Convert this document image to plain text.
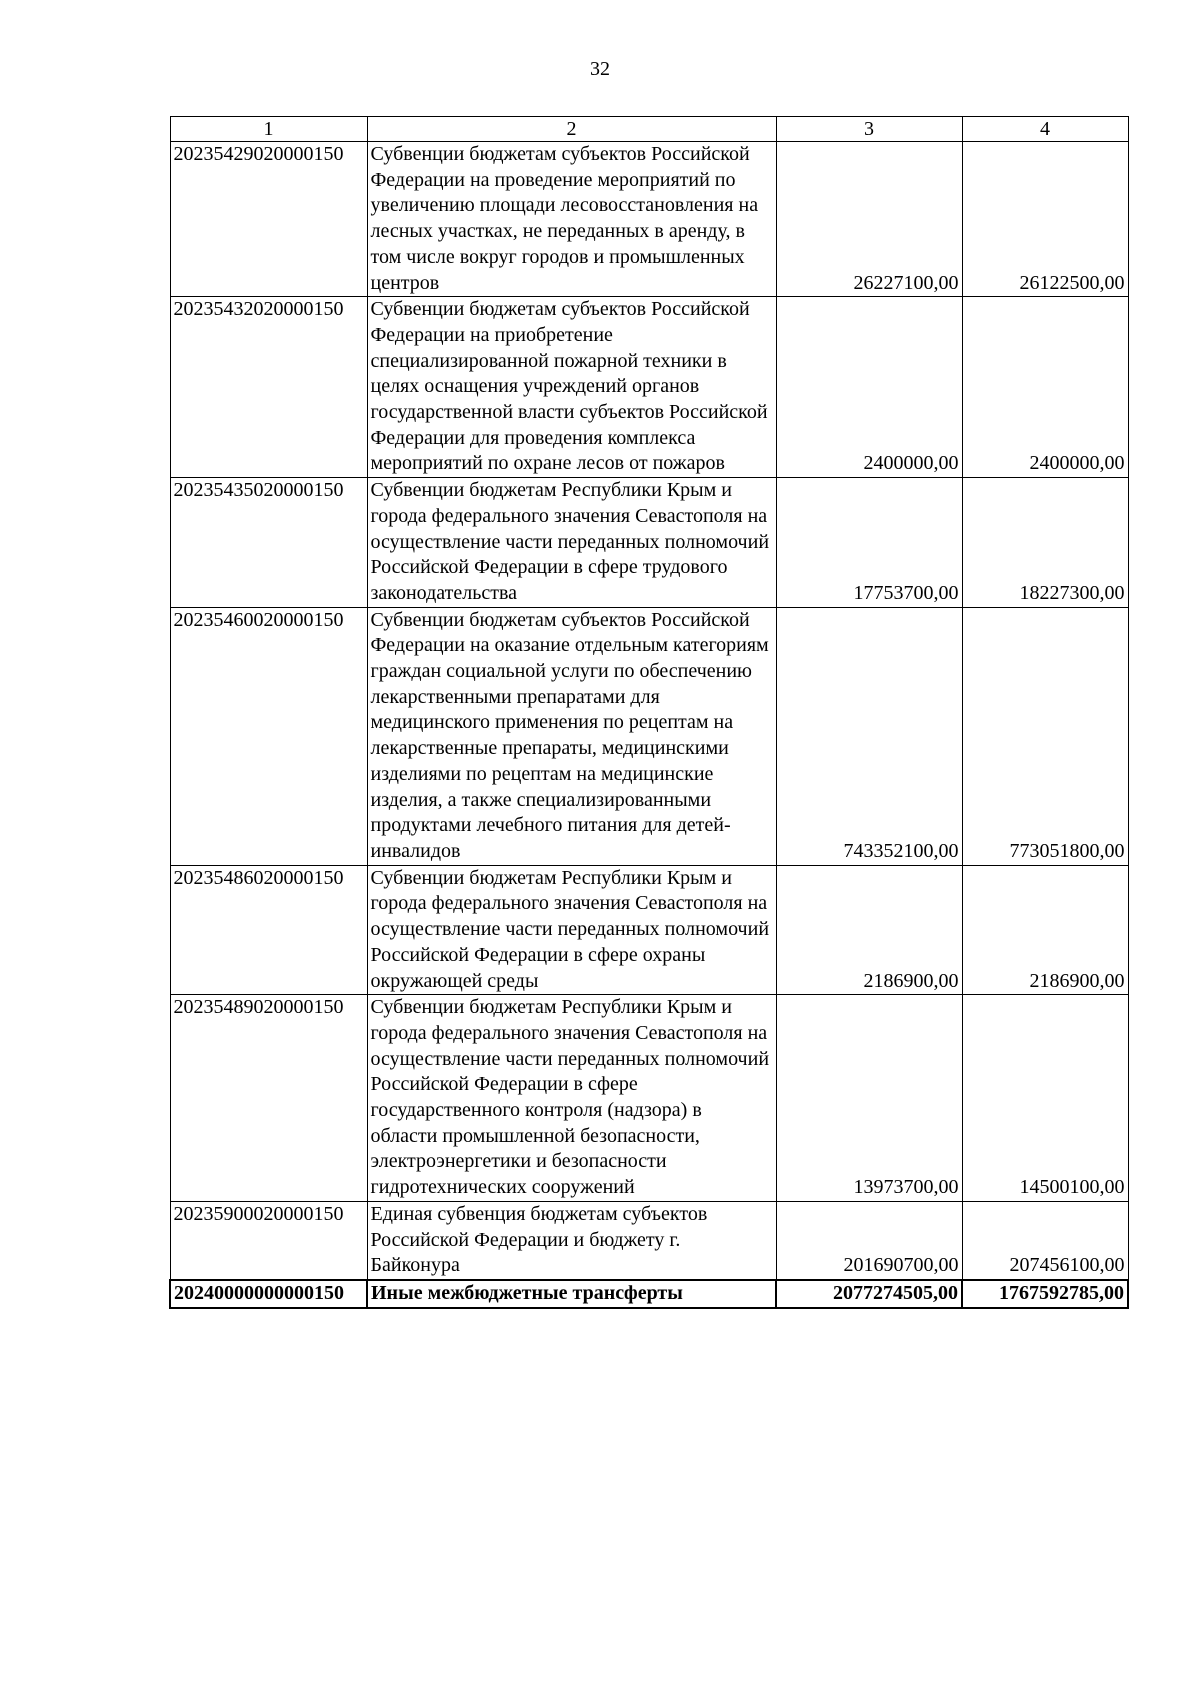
32
1	2	3	4
20235429020000150	Субвенции бюджетам субъектов Российской Федерации на проведение мероприятий по увеличению площади лесовосстановления на лесных участках, не переданных в аренду, в том числе вокруг городов и промышленных центров	26227100,00	26122500,00
20235432020000150	Субвенции бюджетам субъектов Российской Федерации на приобретение специализированной пожарной техники в целях оснащения учреждений органов государственной власти субъектов Российской Федерации для проведения комплекса мероприятий по охране лесов от пожаров	2400000,00	2400000,00
20235435020000150	Субвенции бюджетам Республики Крым и города федерального значения Севастополя на осуществление части переданных полномочий Российской Федерации в сфере трудового законодательства	17753700,00	18227300,00
20235460020000150	Субвенции бюджетам субъектов Российской Федерации на оказание отдельным категориям граждан социальной услуги по обеспечению лекарственными препаратами для медицинского применения по рецептам на лекарственные препараты, медицинскими изделиями по рецептам на медицинские изделия, а также специализированными продуктами лечебного питания для детей-инвалидов	743352100,00	773051800,00
20235486020000150	Субвенции бюджетам Республики Крым и города федерального значения Севастополя на осуществление части переданных полномочий Российской Федерации в сфере охраны окружающей среды	2186900,00	2186900,00
20235489020000150	Субвенции бюджетам Республики Крым и города федерального значения Севастополя на осуществление части переданных полномочий Российской Федерации в сфере государственного контроля (надзора) в области промышленной безопасности, электроэнергетики и безопасности гидротехнических сооружений	13973700,00	14500100,00
20235900020000150	Единая субвенция бюджетам субъектов Российской Федерации и бюджету г. Байконура	201690700,00	207456100,00
20240000000000150	Иные межбюджетные трансферты	2077274505,00	1767592785,00
